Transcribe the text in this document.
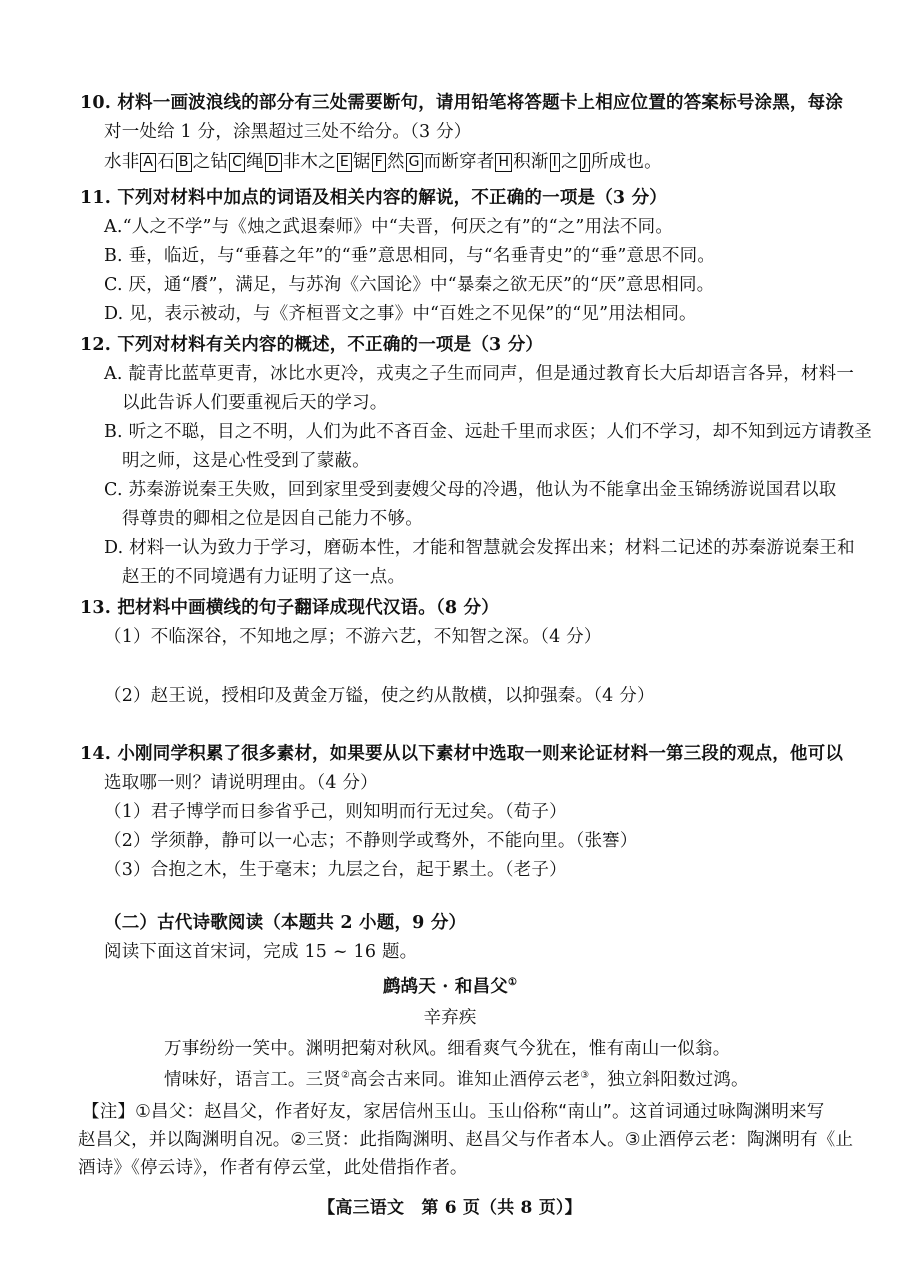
10. 材料一画波浪线的部分有三处需要断句，请用铅笔将答题卡上相应位置的答案标号涂黑，每涂
对一处给 1 分，涂黑超过三处不给分。（3 分）
水非 A 石 B 之钻 C 绳 D 非木之 E 锯 F 然 G 而断穿者 H 积渐 I 之 J 所成也。
11. 下列对材料中加点的词语及相关内容的解说，不正确的一项是（3 分）
A.“人之不学”与《烛之武退秦师》中“夫晋，何厌之有”的“之”用法不同。
B. 垂，临近，与“垂暮之年”的“垂”意思相同，与“名垂青史”的“垂”意思不同。
C. 厌，通“餍”，满足，与苏洵《六国论》中“暴秦之欲无厌”的“厌”意思相同。
D. 见，表示被动，与《齐桓晋文之事》中“百姓之不见保”的“见”用法相同。
12. 下列对材料有关内容的概述，不正确的一项是（3 分）
A. 靛青比蓝草更青，冰比水更冷，戎夷之子生而同声，但是通过教育长大后却语言各异，材料一
以此告诉人们要重视后天的学习。
B. 听之不聪，目之不明，人们为此不吝百金、远赴千里而求医；人们不学习，却不知到远方请教圣
明之师，这是心性受到了蒙蔽。
C. 苏秦游说秦王失败，回到家里受到妻嫂父母的冷遇，他认为不能拿出金玉锦绣游说国君以取
得尊贵的卿相之位是因自己能力不够。
D. 材料一认为致力于学习，磨砺本性，才能和智慧就会发挥出来；材料二记述的苏秦游说秦王和
赵王的不同境遇有力证明了这一点。
13. 把材料中画横线的句子翻译成现代汉语。（8 分）
（1）不临深谷，不知地之厚；不游六艺，不知智之深。（4 分）
（2）赵王说，授相印及黄金万镒，使之约从散横，以抑强秦。（4 分）
14. 小刚同学积累了很多素材，如果要从以下素材中选取一则来论证材料一第三段的观点，他可以
选取哪一则？请说明理由。（4 分）
（1）君子博学而日参省乎己，则知明而行无过矣。（荀子）
（2）学须静，静可以一心志；不静则学或骛外，不能向里。（张謇）
（3）合抱之木，生于毫末；九层之台，起于累土。（老子）
（二）古代诗歌阅读（本题共 2 小题，9 分）
阅读下面这首宋词，完成 15 ~ 16 题。
鹧鸪天 · 和昌父①
辛弃疾
万事纷纷一笑中。渊明把菊对秋风。细看爽气今犹在，惟有南山一似翁。
情味好，语言工。三贤②高会古来同。谁知止酒停云老③，独立斜阳数过鸿。
【注】①昌父：赵昌父，作者好友，家居信州玉山。玉山俗称“南山”。这首词通过咏陶渊明来写
赵昌父，并以陶渊明自况。②三贤：此指陶渊明、赵昌父与作者本人。③止酒停云老：陶渊明有《止
酒诗》《停云诗》，作者有停云堂，此处借指作者。
【高三语文　第 6 页（共 8 页）】
